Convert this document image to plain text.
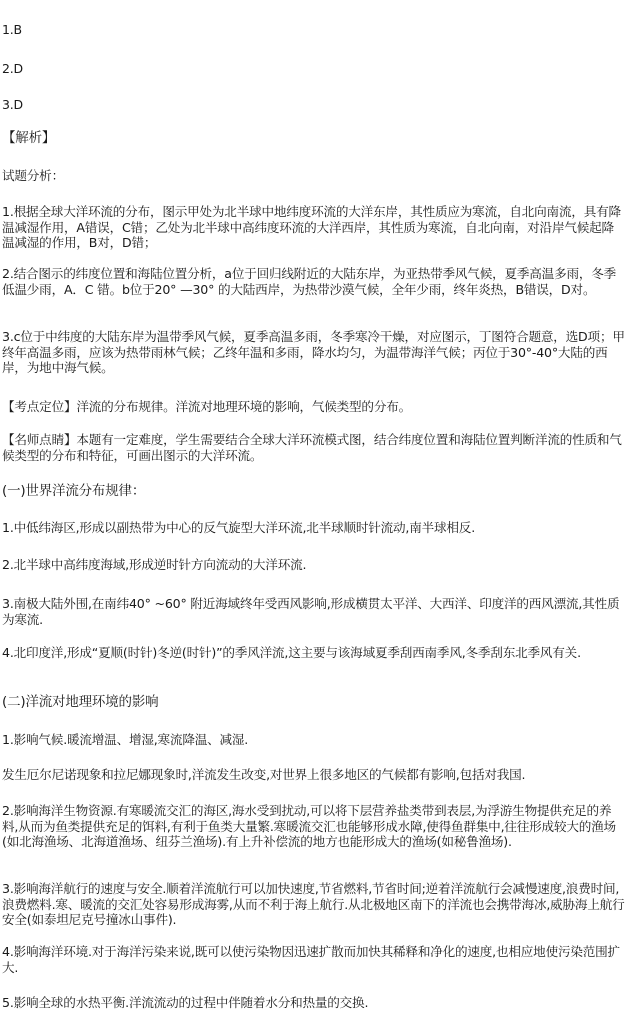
1.B

2.D

3.D

【解析】

试题分析：

1.根据全球大洋环流的分布，图示甲处为北半球中地纬度环流的大洋东岸，其性质应为寒流，自北向南流，具有降温减湿作用，A错误，C错；乙处为北半球中高纬度环流的大洋西岸，其性质为寒流，自北向南，对沿岸气候起降温减湿的作用，B对，D错；

2.结合图示的纬度位置和海陆位置分析，a位于回归线附近的大陆东岸，为亚热带季风气候，夏季高温多雨，冬季低温少雨，A．C 错。b位于20° —30° 的大陆西岸，为热带沙漠气候，全年少雨，终年炎热，B错误，D对。

3.c位于中纬度的大陆东岸为温带季风气候，夏季高温多雨，冬季寒冷干燥，对应图示，丁图符合题意，选D项；甲终年高温多雨，应该为热带雨林气候；乙终年温和多雨，降水均匀，为温带海洋气候；丙位于30°-40°大陆的西岸，为地中海气候。

【考点定位】洋流的分布规律。洋流对地理环境的影响，气候类型的分布。

【名师点睛】本题有一定难度，学生需要结合全球大洋环流模式图，结合纬度位置和海陆位置判断洋流的性质和气候类型的分布和特征，可画出图示的大洋环流。

(一)世界洋流分布规律：

1.中低纬海区,形成以副热带为中心的反气旋型大洋环流,北半球顺时针流动,南半球相反.

2.北半球中高纬度海域,形成逆时针方向流动的大洋环流.

3.南极大陆外围,在南纬40° ~60° 附近海域终年受西风影响,形成横贯太平洋、大西洋、印度洋的西风漂流,其性质为寒流.

4.北印度洋,形成“夏顺(时针)冬逆(时针)”的季风洋流,这主要与该海域夏季刮西南季风,冬季刮东北季风有关.

(二)洋流对地理环境的影响

1.影响气候.暖流增温、增湿,寒流降温、减湿.

发生厄尔尼诺现象和拉尼娜现象时,洋流发生改变,对世界上很多地区的气候都有影响,包括对我国.

2.影响海洋生物资源.有寒暖流交汇的海区,海水受到扰动,可以将下层营养盐类带到表层,为浮游生物提供充足的养料,从而为鱼类提供充足的饵料,有利于鱼类大量繁.寒暖流交汇也能够形成水障,使得鱼群集中,往往形成较大的渔场(如北海渔场、北海道渔场、纽芬兰渔场).有上升补偿流的地方也能形成大的渔场(如秘鲁渔场).

3.影响海洋航行的速度与安全.顺着洋流航行可以加快速度,节省燃料,节省时间;逆着洋流航行会减慢速度,浪费时间,浪费燃料.寒、暖流的交汇处容易形成海雾,从而不利于海上航行.从北极地区南下的洋流也会携带海冰,威胁海上航行安全(如泰坦尼克号撞冰山事件).

4.影响海洋环境.对于海洋污染来说,既可以使污染物因迅速扩散而加快其稀释和净化的速度,也相应地使污染范围扩大.

5.影响全球的水热平衡.洋流流动的过程中伴随着水分和热量的交换.
